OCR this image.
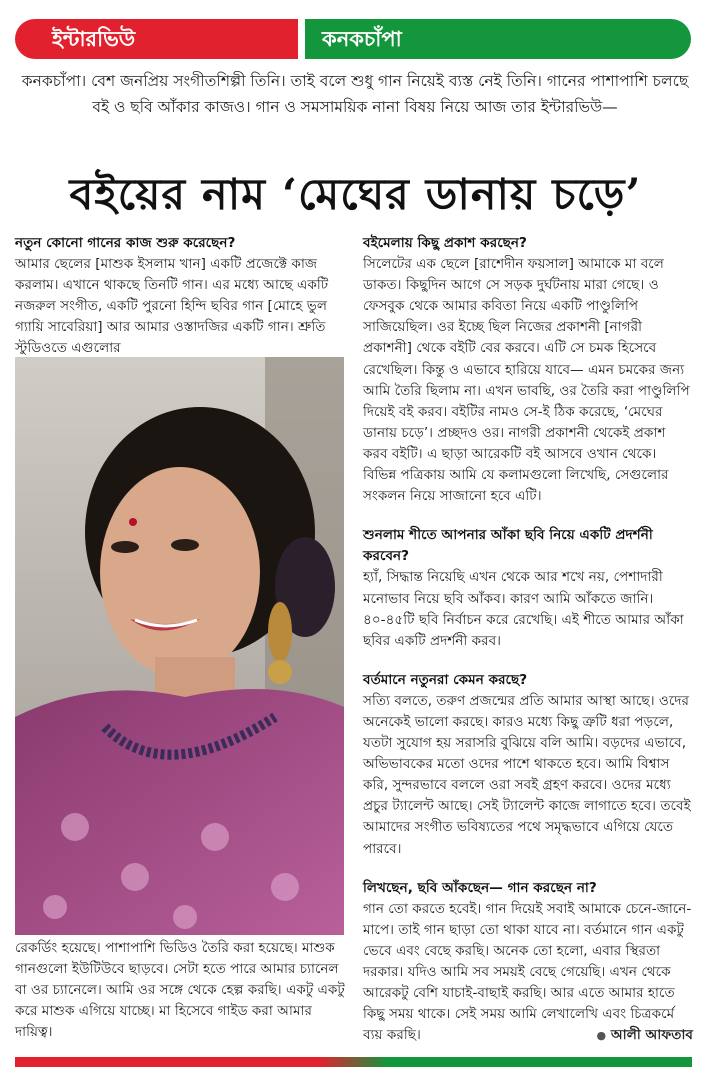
ইন্টারভিউ	কনকচাঁপা
কনকচাঁপা। বেশ জনপ্রিয় সংগীতশিল্পী তিনি। তাই বলে শুধু গান নিয়েই ব্যস্ত নেই তিনি। গানের পাশাপাশি চলছে বই ও ছবি আঁকার কাজও। গান ও সমসাময়িক নানা বিষয় নিয়ে আজ তার ইন্টারভিউ—
বইয়ের নাম ‘মেঘের ডানায় চড়ে’
নতুন কোনো গানের কাজ শুরু করেছেন?

আমার ছেলের [মাশুক ইসলাম খান] একটি প্রজেক্টে কাজ করলাম। এখানে থাকছে তিনটি গান। এর মধ্যে আছে একটি নজরুল সংগীত, একটি পুরনো হিন্দি ছবির গান [মোহে ভুল গ্যায়ি সাবেরিয়া] আর আমার ওস্তাদজির একটি গান। শ্রুতি স্টুডিওতে এগুলোর

রেকর্ডিং হয়েছে। পাশাপাশি ভিডিও তৈরি করা হয়েছে। মাশুক গানগুলো ইউটিউবে ছাড়বে। সেটা হতে পারে আমার চ্যানেল বা ওর চ্যানেলে। আমি ওর সঙ্গে থেকে হেল্প করছি। একটু একটু করে মাশুক এগিয়ে যাচ্ছে। মা হিসেবে গাইড করা আমার দায়িত্ব।

বইমেলায় কিছু প্রকাশ করছেন?

সিলেটের এক ছেলে [রাশেদীন ফয়সাল] আমাকে মা বলে ডাকত। কিছুদিন আগে সে সড়ক দুর্ঘটনায় মারা গেছে। ও ফেসবুক থেকে আমার কবিতা নিয়ে একটি পাণ্ডুলিপি সাজিয়েছিল। ওর ইচ্ছে ছিল নিজের প্রকাশনী [নাগরী প্রকাশনী] থেকে বইটি বের করবে। এটি সে চমক হিসেবে রেখেছিল। কিন্তু ও এভাবে হারিয়ে যাবে— এমন চমকের জন্য আমি তৈরি ছিলাম না। এখন ভাবছি, ওর তৈরি করা পাণ্ডুলিপি দিয়েই বই করব। বইটির নামও সে-ই ঠিক করেছে, ‘মেঘের ডানায় চড়ে’। প্রচ্ছদও ওর। নাগরী প্রকাশনী থেকেই প্রকাশ করব বইটি। এ ছাড়া আরেকটি বই আসবে ওখান থেকে। বিভিন্ন পত্রিকায় আমি যে কলামগুলো লিখেছি, সেগুলোর সংকলন নিয়ে সাজানো হবে এটি।

শুনলাম শীতে আপনার আঁকা ছবি নিয়ে একটি প্রদর্শনী করবেন?

হ্যাঁ, সিদ্ধান্ত নিয়েছি এখন থেকে আর শখে নয়, পেশাদারী মনোভাব নিয়ে ছবি আঁকব। কারণ আমি আঁকতে জানি। ৪০-৪৫টি ছবি নির্বাচন করে রেখেছি। এই শীতে আমার আঁকা ছবির একটি প্রদর্শনী করব।

বর্তমানে নতুনরা কেমন করছে?

সত্যি বলতে, তরুণ প্রজন্মের প্রতি আমার আস্থা আছে। ওদের অনেকেই ভালো করছে। কারও মধ্যে কিছু ত্রুটি ধরা পড়লে, যতটা সুযোগ হয় সরাসরি বুঝিয়ে বলি আমি। বড়দের এভাবে, অভিভাবকের মতো ওদের পাশে থাকতে হবে। আমি বিশ্বাস করি, সুন্দরভাবে বললে ওরা সবই গ্রহণ করবে। ওদের মধ্যে প্রচুর ট্যালেন্ট আছে। সেই ট্যালেন্ট কাজে লাগাতে হবে। তবেই আমাদের সংগীত ভবিষ্যতের পথে সমৃদ্ধভাবে এগিয়ে যেতে পারবে।

লিখছেন, ছবি আঁকছেন— গান করছেন না?

গান তো করতে হবেই। গান দিয়েই সবাই আমাকে চেনে-জানে-মাপে। তাই গান ছাড়া তো থাকা যাবে না। বর্তমানে গান একটু ভেবে এবং বেছে করছি। অনেক তো হলো, এবার স্থিরতা দরকার। যদিও আমি সব সময়ই বেছে গেয়েছি। এখন থেকে আরেকটু বেশি যাচাই-বাছাই করছি। আর এতে আমার হাতে কিছু সময় থাকে। সেই সময় আমি লেখালেখি এবং চিত্রকর্মে ব্যয় করছি।	● আলী আফতাব
